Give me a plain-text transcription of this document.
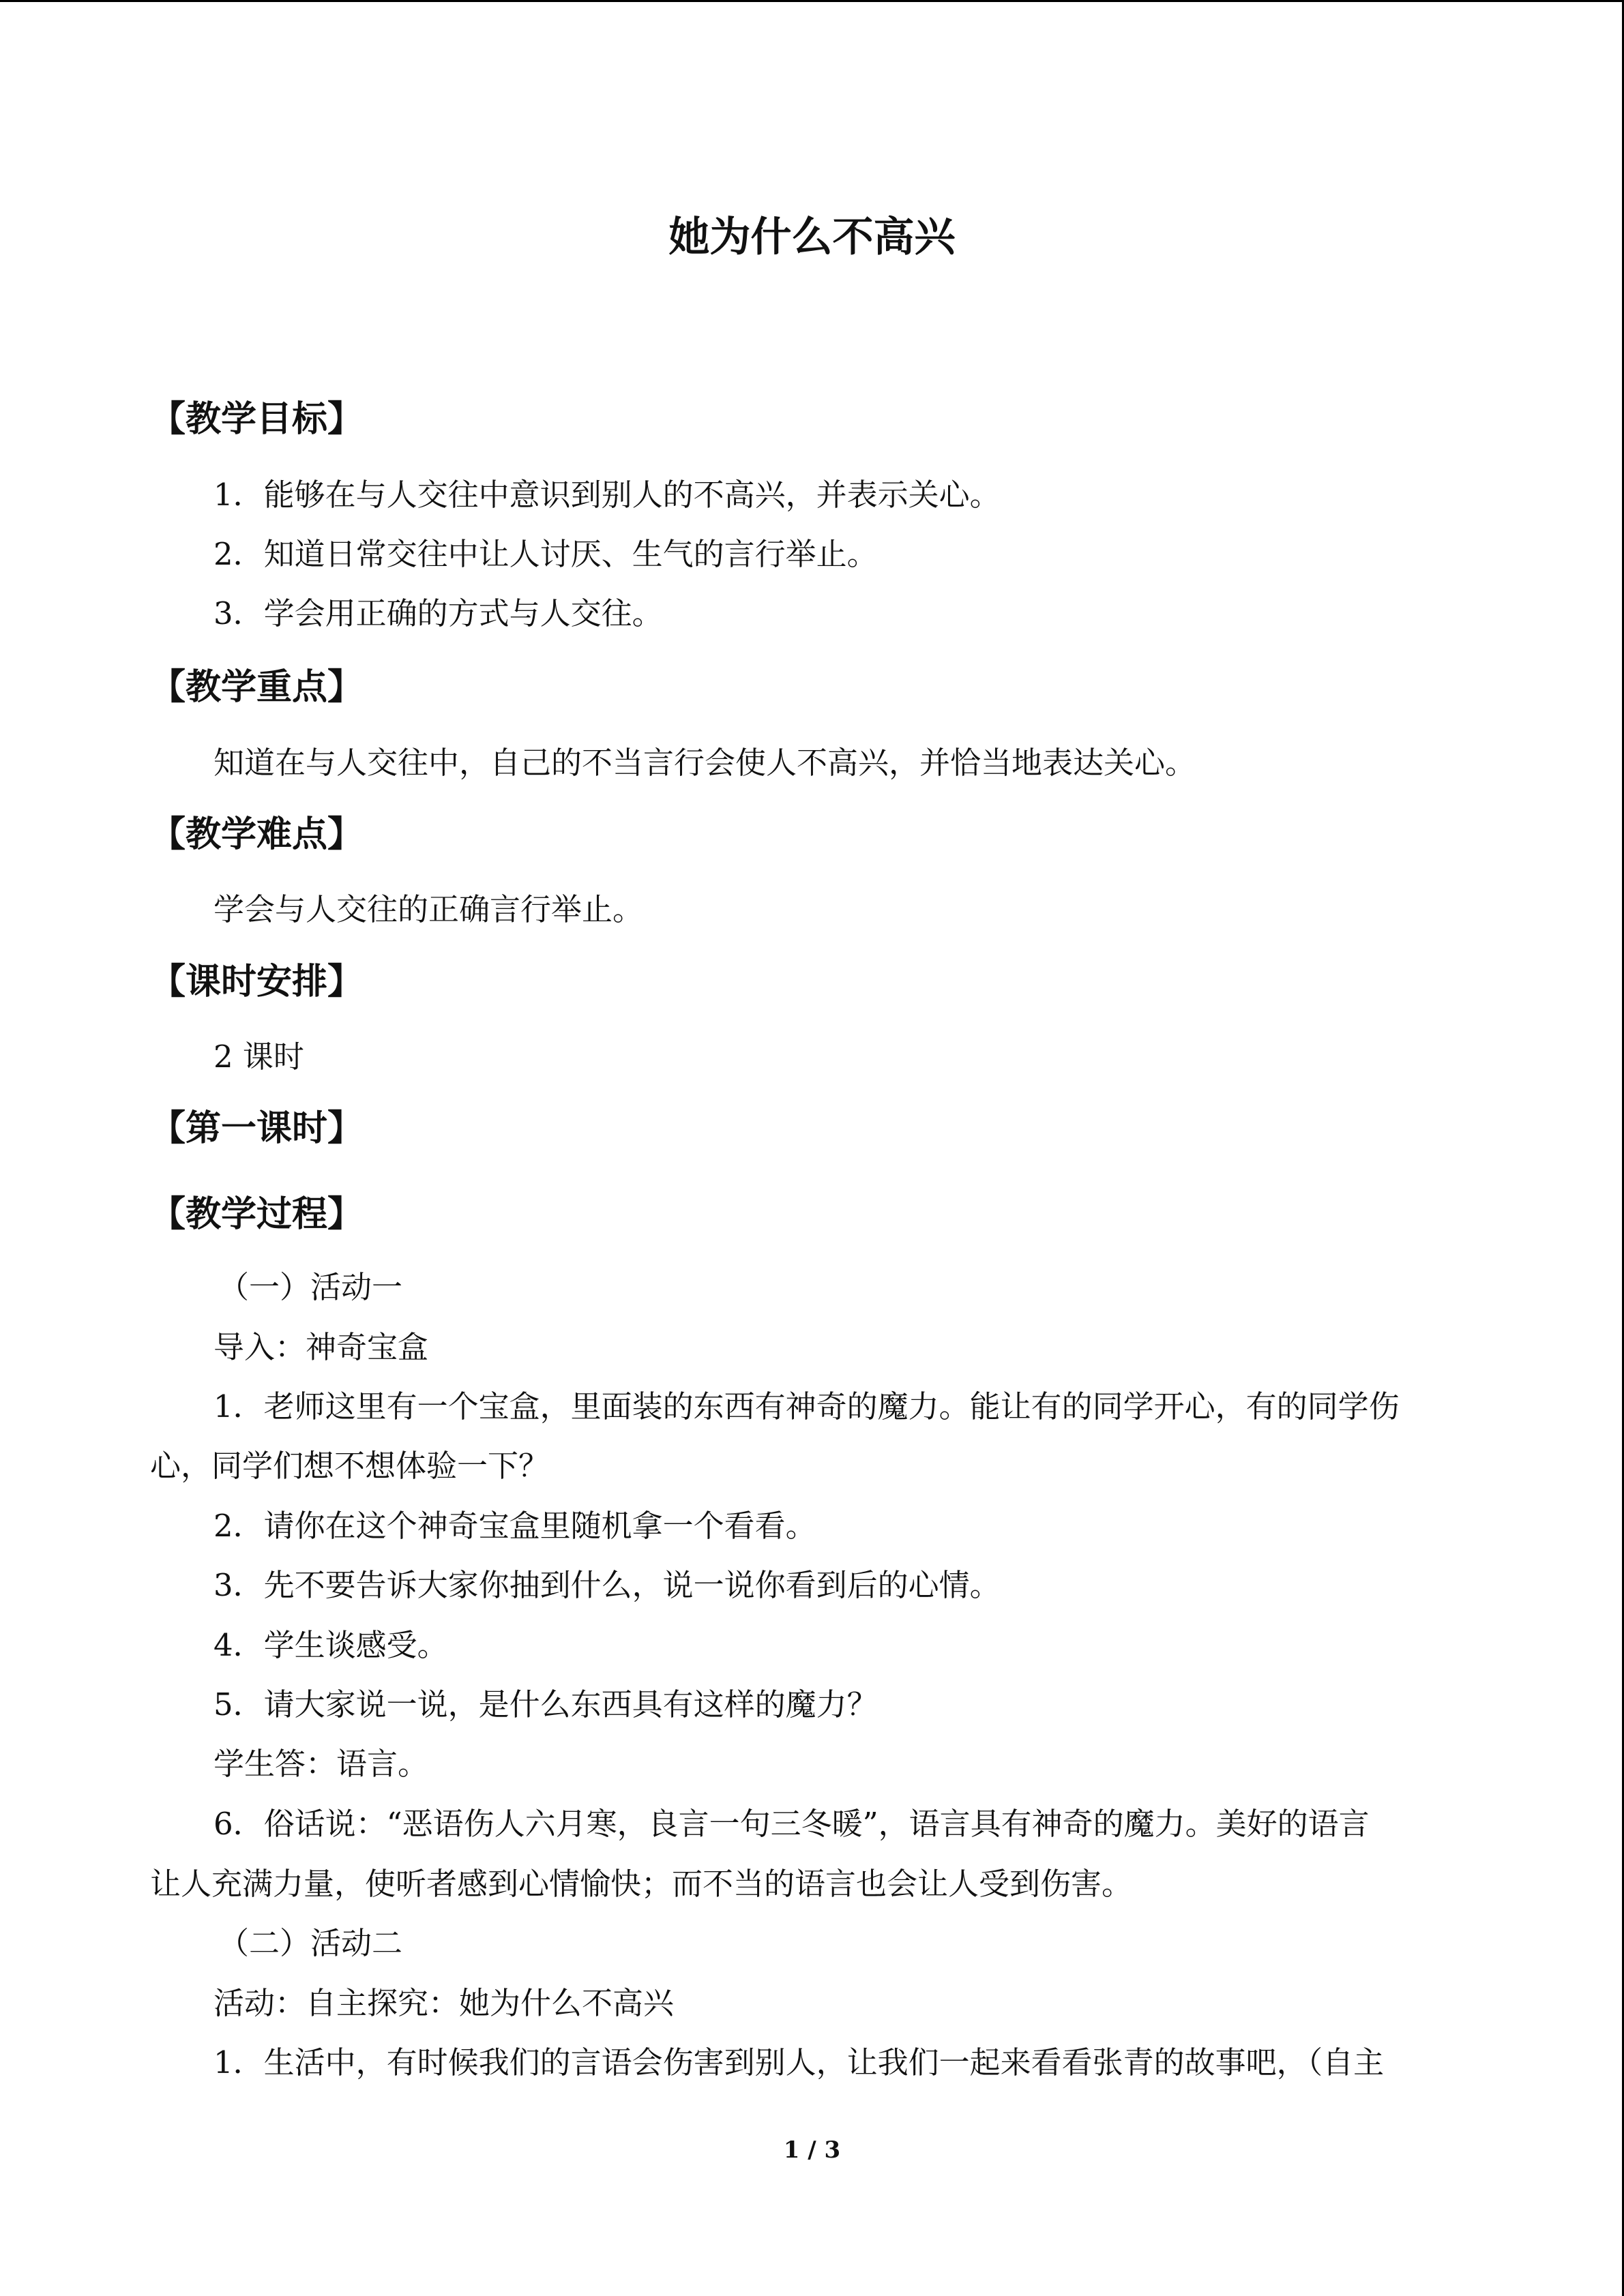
她为什么不高兴
【教学目标】
1．能够在与人交往中意识到别人的不高兴，并表示关心。
2．知道日常交往中让人讨厌、生气的言行举止。
3．学会用正确的方式与人交往。
【教学重点】
知道在与人交往中，自己的不当言行会使人不高兴，并恰当地表达关心。
【教学难点】
学会与人交往的正确言行举止。
【课时安排】
2 课时
【第一课时】
【教学过程】
（一）活动一
导入：神奇宝盒
1．老师这里有一个宝盒，里面装的东西有神奇的魔力。能让有的同学开心，有的同学伤
心，同学们想不想体验一下？
2．请你在这个神奇宝盒里随机拿一个看看。
3．先不要告诉大家你抽到什么，说一说你看到后的心情。
4．学生谈感受。
5．请大家说一说，是什么东西具有这样的魔力？
学生答：语言。
6．俗话说：“恶语伤人六月寒，良言一句三冬暖”，语言具有神奇的魔力。美好的语言
让人充满力量，使听者感到心情愉快；而不当的语言也会让人受到伤害。
（二）活动二
活动：自主探究：她为什么不高兴
1．生活中，有时候我们的言语会伤害到别人，让我们一起来看看张青的故事吧，（自主
1 / 3
